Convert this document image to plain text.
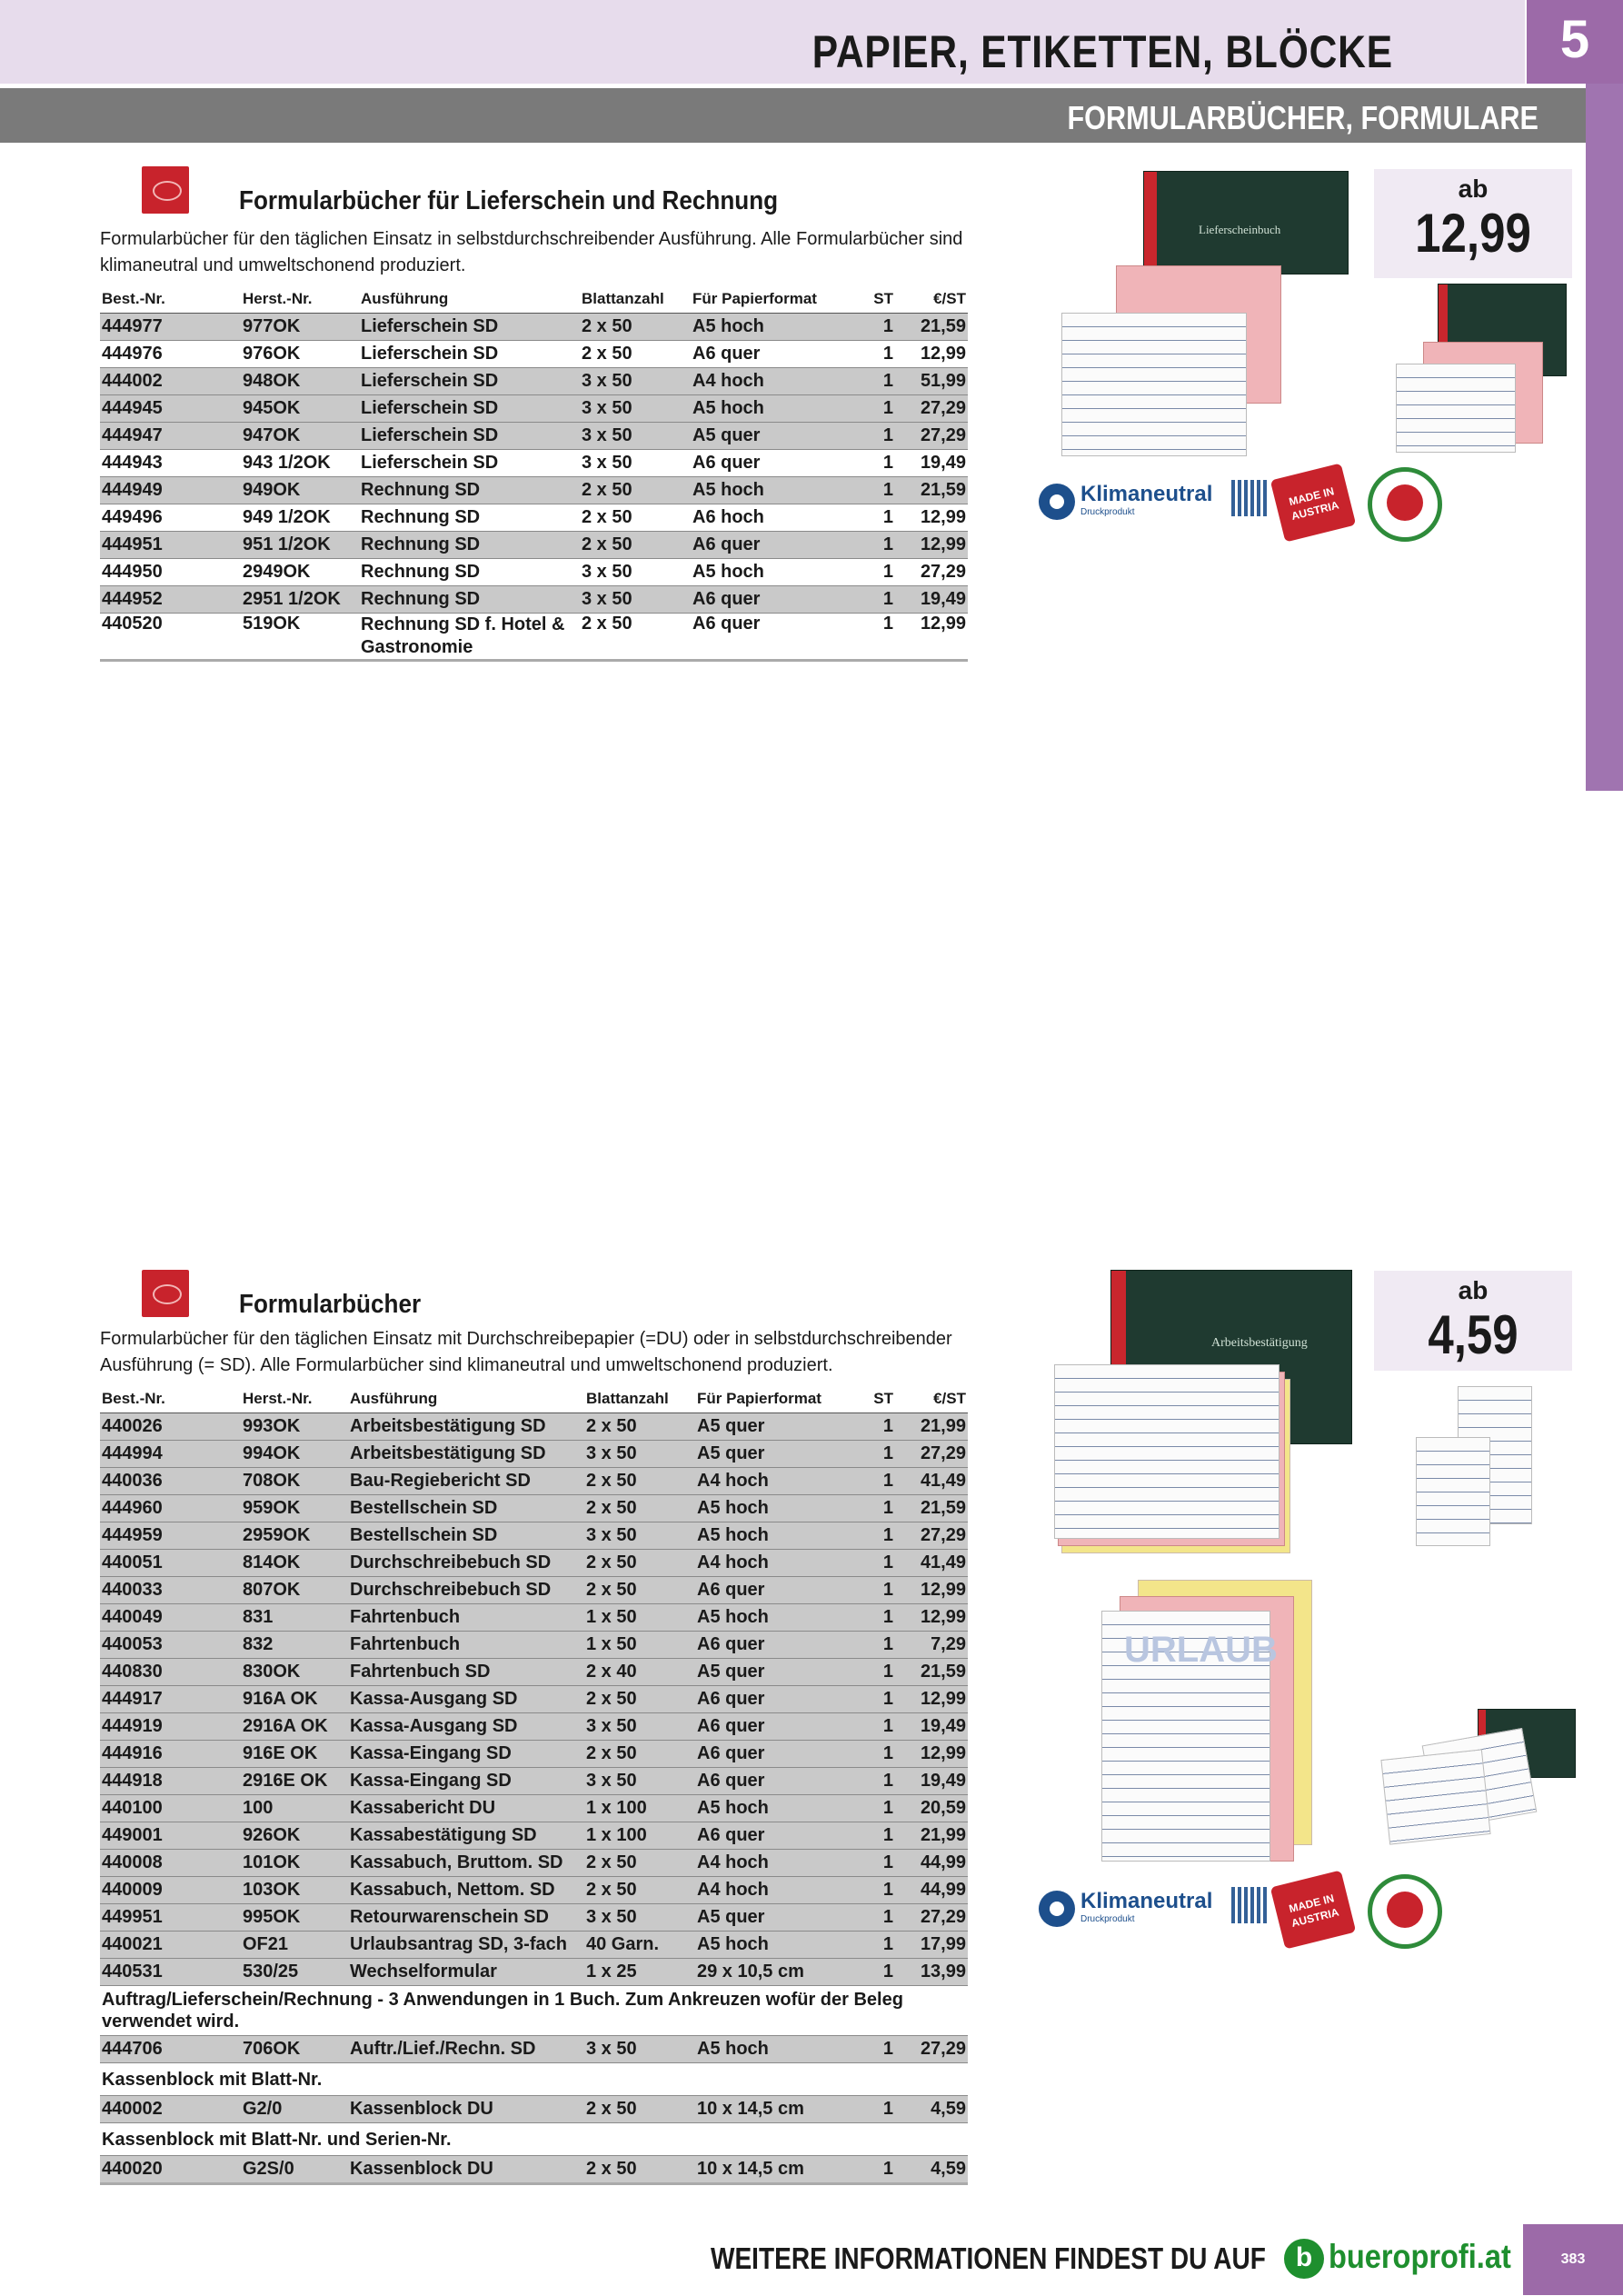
PAPIER, ETIKETTEN, BLÖCKE	5
FORMULARBÜCHER, FORMULARE
Formularbücher für Lieferschein und Rechnung
Formularbücher für den täglichen Einsatz in selbstdurchschreibender Ausführung. Alle Formularbücher sind klimaneutral und umweltschonend produziert.
Best.-Nr.	Herst.-Nr.	Ausführung	Blattanzahl	Für Papierformat	ST	€/ST
444977	977OK	Lieferschein SD	2 x 50	A5 hoch	1	21,59
444976	976OK	Lieferschein SD	2 x 50	A6 quer	1	12,99
444002	948OK	Lieferschein SD	3 x 50	A4 hoch	1	51,99
444945	945OK	Lieferschein SD	3 x 50	A5 hoch	1	27,29
444947	947OK	Lieferschein SD	3 x 50	A5 quer	1	27,29
444943	943 1/2OK	Lieferschein SD	3 x 50	A6 quer	1	19,49
444949	949OK	Rechnung SD	2 x 50	A5 hoch	1	21,59
449496	949 1/2OK	Rechnung SD	2 x 50	A6 hoch	1	12,99
444951	951 1/2OK	Rechnung SD	2 x 50	A6 quer	1	12,99
444950	2949OK	Rechnung SD	3 x 50	A5 hoch	1	27,29
444952	2951 1/2OK	Rechnung SD	3 x 50	A6 quer	1	19,49
440520	519OK	Rechnung SD f. Hotel & Gastronomie	2 x 50	A6 quer	1	12,99
Lieferscheinbuch
ab
12,99
Klimaneutral
Druckprodukt
MADE IN AUSTRIA
Formularbücher
Formularbücher für den täglichen Einsatz mit Durchschreibepapier (=DU) oder in selbstdurchschreibender Ausführung (= SD). Alle Formularbücher sind klimaneutral und umweltschonend produziert.
Best.-Nr.	Herst.-Nr.	Ausführung	Blattanzahl	Für Papierformat	ST	€/ST
440026	993OK	Arbeitsbestätigung SD	2 x 50	A5 quer	1	21,99
444994	994OK	Arbeitsbestätigung SD	3 x 50	A5 quer	1	27,29
440036	708OK	Bau-Regiebericht SD	2 x 50	A4 hoch	1	41,49
444960	959OK	Bestellschein SD	2 x 50	A5 hoch	1	21,59
444959	2959OK	Bestellschein SD	3 x 50	A5 hoch	1	27,29
440051	814OK	Durchschreibebuch SD	2 x 50	A4 hoch	1	41,49
440033	807OK	Durchschreibebuch SD	2 x 50	A6 quer	1	12,99
440049	831	Fahrtenbuch	1 x 50	A5 hoch	1	12,99
440053	832	Fahrtenbuch	1 x 50	A6 quer	1	7,29
440830	830OK	Fahrtenbuch SD	2 x 40	A5 quer	1	21,59
444917	916A OK	Kassa-Ausgang SD	2 x 50	A6 quer	1	12,99
444919	2916A OK	Kassa-Ausgang SD	3 x 50	A6 quer	1	19,49
444916	916E OK	Kassa-Eingang SD	2 x 50	A6 quer	1	12,99
444918	2916E OK	Kassa-Eingang SD	3 x 50	A6 quer	1	19,49
440100	100	Kassabericht DU	1 x 100	A5 hoch	1	20,59
449001	926OK	Kassabestätigung SD	1 x 100	A6 quer	1	21,99
440008	101OK	Kassabuch, Bruttom. SD	2 x 50	A4 hoch	1	44,99
440009	103OK	Kassabuch, Nettom. SD	2 x 50	A4 hoch	1	44,99
449951	995OK	Retourwarenschein SD	3 x 50	A5 quer	1	27,29
440021	OF21	Urlaubsantrag SD, 3-fach	40 Garn.	A5 hoch	1	17,99
440531	530/25	Wechselformular	1 x 25	29 x 10,5 cm	1	13,99
Auftrag/Lieferschein/Rechnung - 3 Anwendungen in 1 Buch. Zum Ankreuzen wofür der Beleg verwendet wird.						
444706	706OK	Auftr./Lief./Rechn. SD	3 x 50	A5 hoch	1	27,29
Kassenblock mit Blatt-Nr.						
440002	G2/0	Kassenblock DU	2 x 50	10 x 14,5 cm	1	4,59
Kassenblock mit Blatt-Nr. und Serien-Nr.						
440020	G2S/0	Kassenblock DU	2 x 50	10 x 14,5 cm	1	4,59
Arbeitsbestätigung
URLAUB
ab
4,59
Klimaneutral
Druckprodukt
MADE IN AUSTRIA
WEITERE INFORMATIONEN FINDEST DU AUF	b bueroprofi.at	383
